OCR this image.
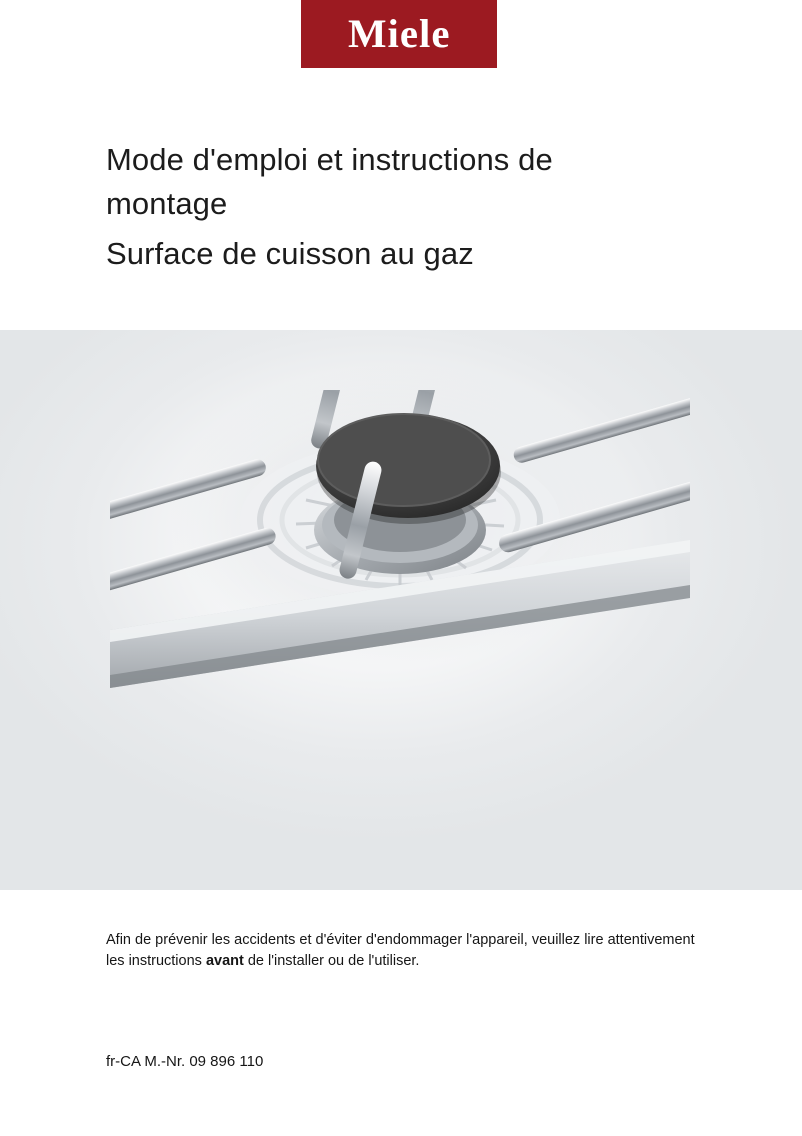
Miele
Mode d'emploi et instructions de
montage
Surface de cuisson au gaz
Afin de prévenir les accidents et d'éviter d'endommager l'appareil, veuillez lire attentivement les instructions avant de l'installer ou de l'utiliser.
fr-CA M.-Nr. 09 896 110
